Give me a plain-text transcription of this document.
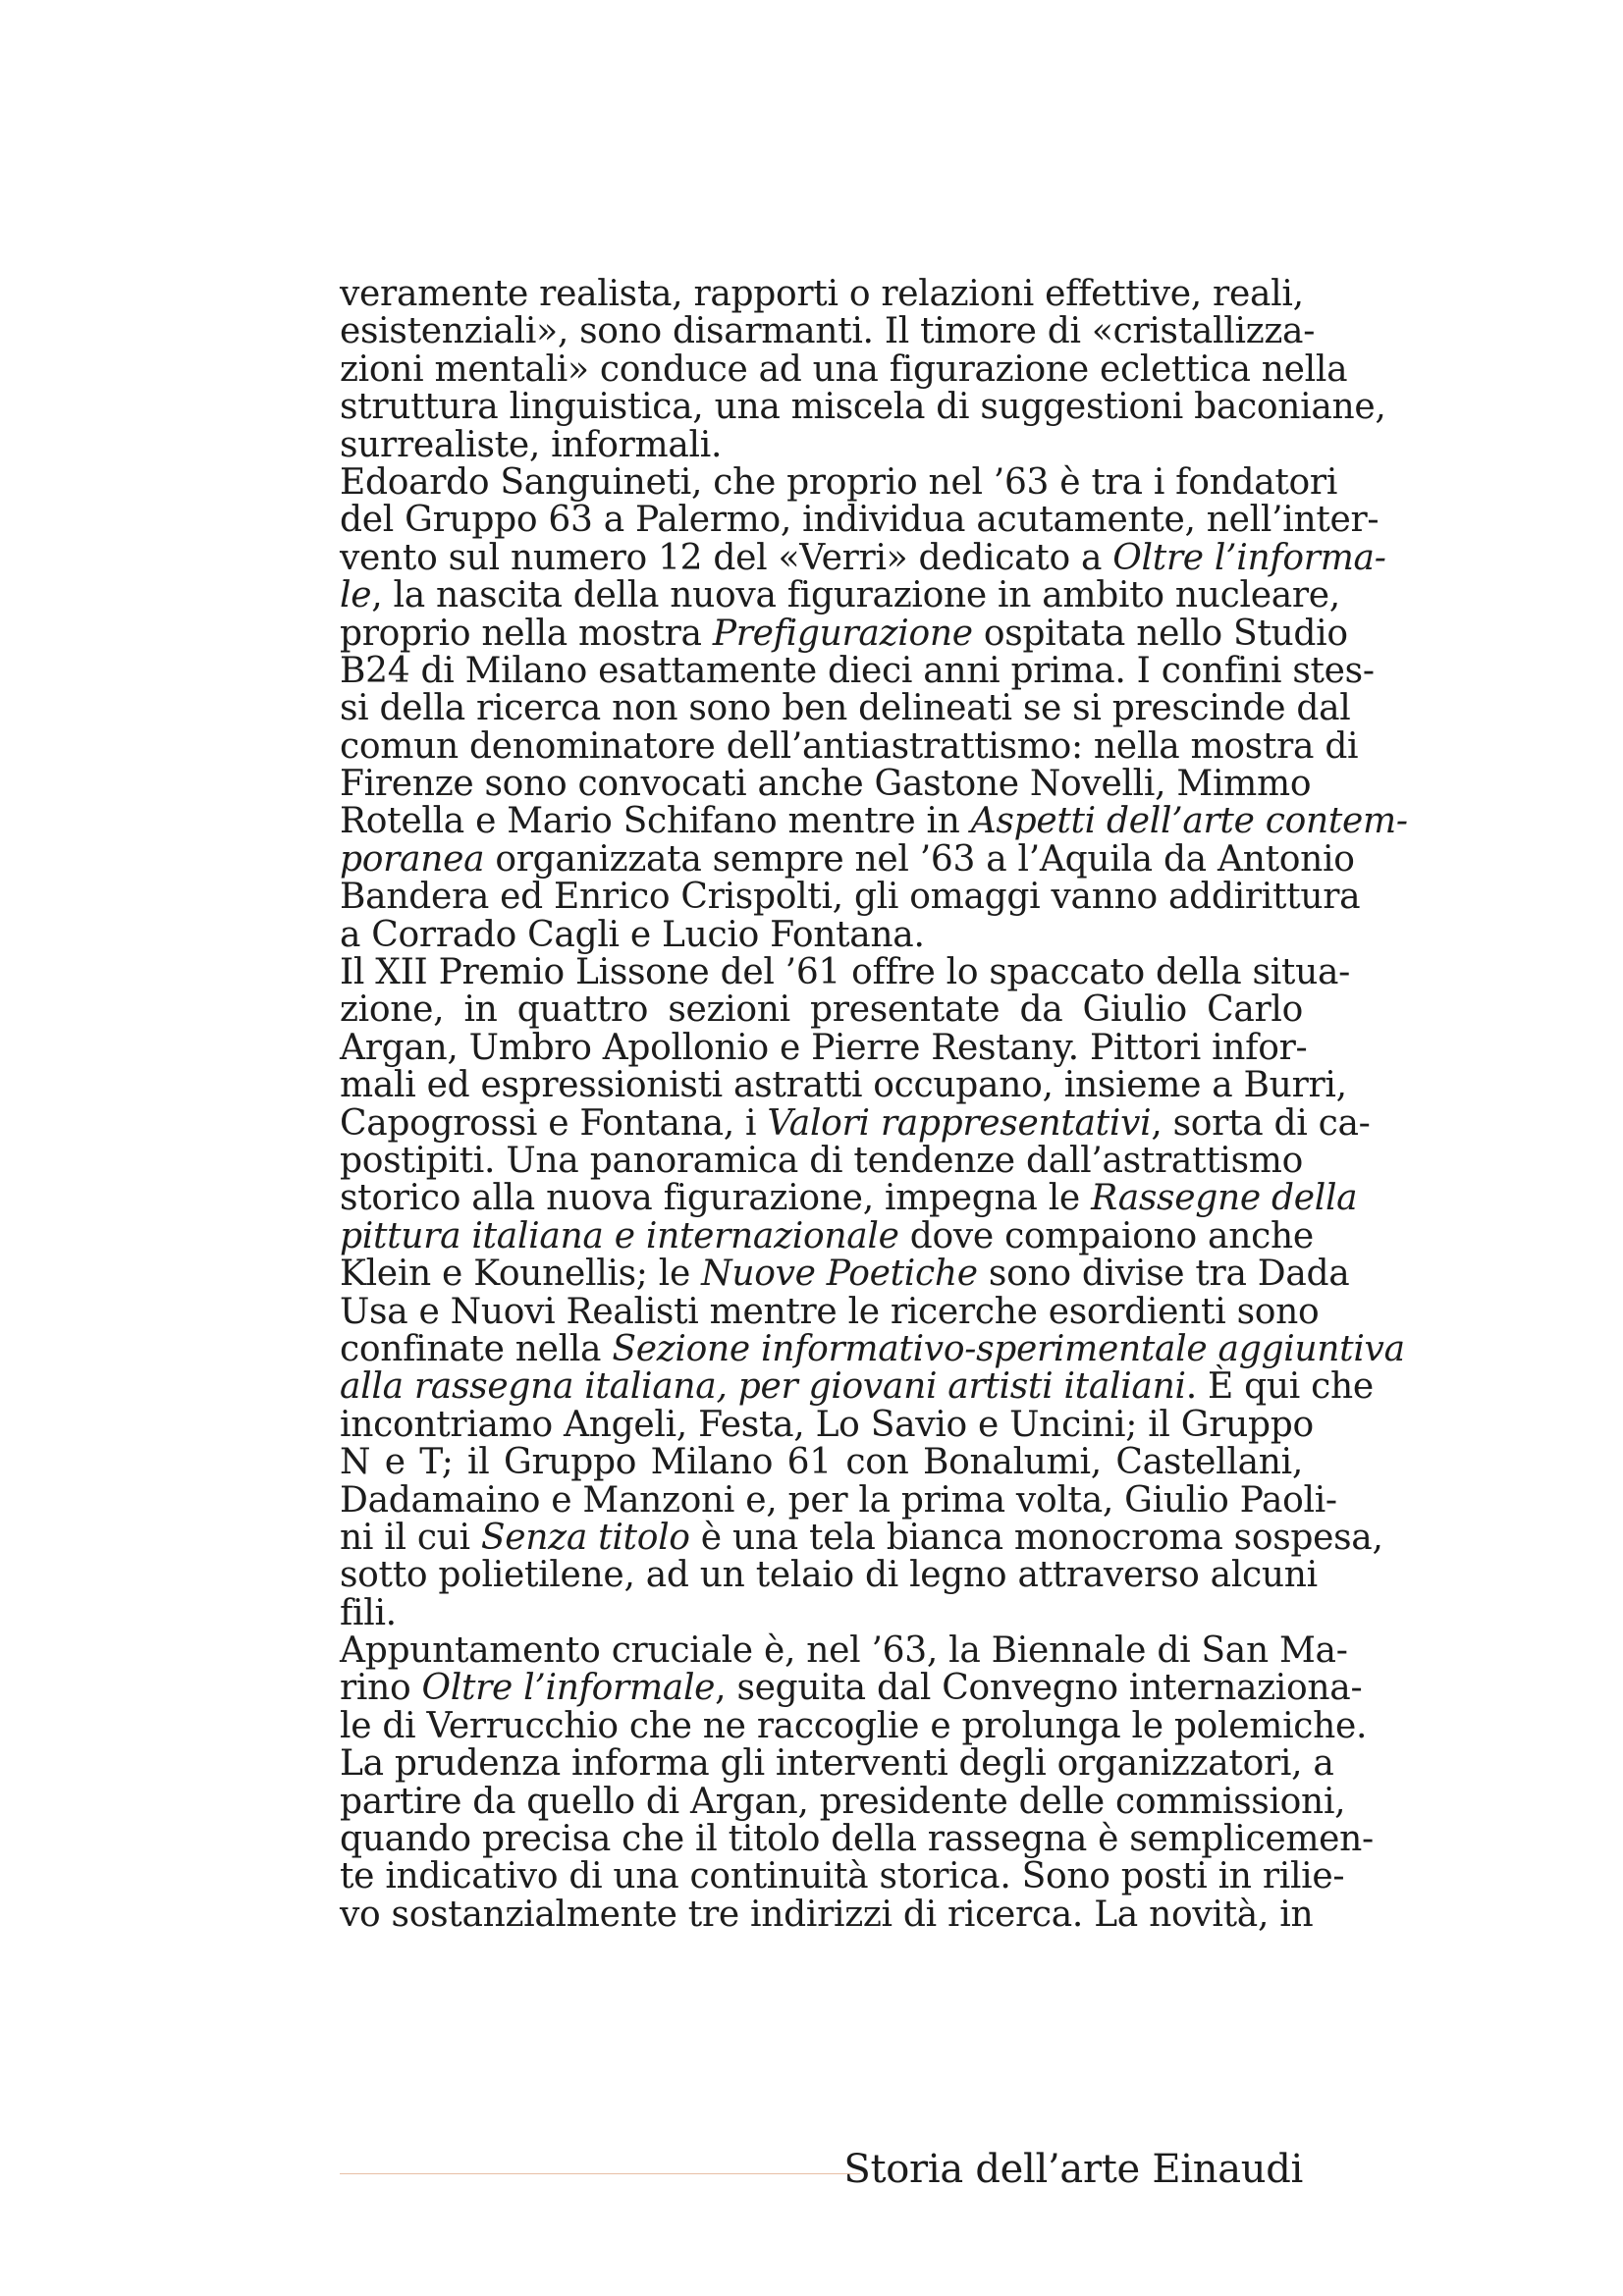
veramente realista, rapporti o relazioni effettive, reali,
esistenziali», sono disarmanti. Il timore di «cristallizza-
zioni mentali» conduce ad una figurazione eclettica nella
struttura linguistica, una miscela di suggestioni baconiane,
surrealiste, informali.
Edoardo Sanguineti, che proprio nel ’63 è tra i fondatori
del Gruppo 63 a Palermo, individua acutamente, nell’inter-
vento sul numero 12 del «Verri» dedicato a Oltre l’informa-
le, la nascita della nuova figurazione in ambito nucleare,
proprio nella mostra Prefigurazione ospitata nello Studio
B24 di Milano esattamente dieci anni prima. I confini stes-
si della ricerca non sono ben delineati se si prescinde dal
comun denominatore dell’antiastrattismo: nella mostra di
Firenze sono convocati anche Gastone Novelli, Mimmo
Rotella e Mario Schifano mentre in Aspetti dell’arte contem-
poranea organizzata sempre nel ’63 a l’Aquila da Antonio
Bandera ed Enrico Crispolti, gli omaggi vanno addirittura
a Corrado Cagli e Lucio Fontana.
Il XII Premio Lissone del ’61 offre lo spaccato della situa-
zione, in quattro sezioni presentate da Giulio Carlo
Argan, Umbro Apollonio e Pierre Restany. Pittori infor-
mali ed espressionisti astratti occupano, insieme a Burri,
Capogrossi e Fontana, i Valori rappresentativi, sorta di ca-
postipiti. Una panoramica di tendenze dall’astrattismo
storico alla nuova figurazione, impegna le Rassegne della
pittura italiana e internazionale dove compaiono anche
Klein e Kounellis; le Nuove Poetiche sono divise tra Dada
Usa e Nuovi Realisti mentre le ricerche esordienti sono
confinate nella Sezione informativo-sperimentale aggiuntiva
alla rassegna italiana, per giovani artisti italiani. È qui che
incontriamo Angeli, Festa, Lo Savio e Uncini; il Gruppo
N e T; il Gruppo Milano 61 con Bonalumi, Castellani,
Dadamaino e Manzoni e, per la prima volta, Giulio Paoli-
ni il cui Senza titolo è una tela bianca monocroma sospesa,
sotto polietilene, ad un telaio di legno attraverso alcuni
fili.
Appuntamento cruciale è, nel ’63, la Biennale di San Ma-
rino Oltre l’informale, seguita dal Convegno internaziona-
le di Verrucchio che ne raccoglie e prolunga le polemiche.
La prudenza informa gli interventi degli organizzatori, a
partire da quello di Argan, presidente delle commissioni,
quando precisa che il titolo della rassegna è semplicemen-
te indicativo di una continuità storica. Sono posti in rilie-
vo sostanzialmente tre indirizzi di ricerca. La novità, in
Storia dell’arte Einaudi
